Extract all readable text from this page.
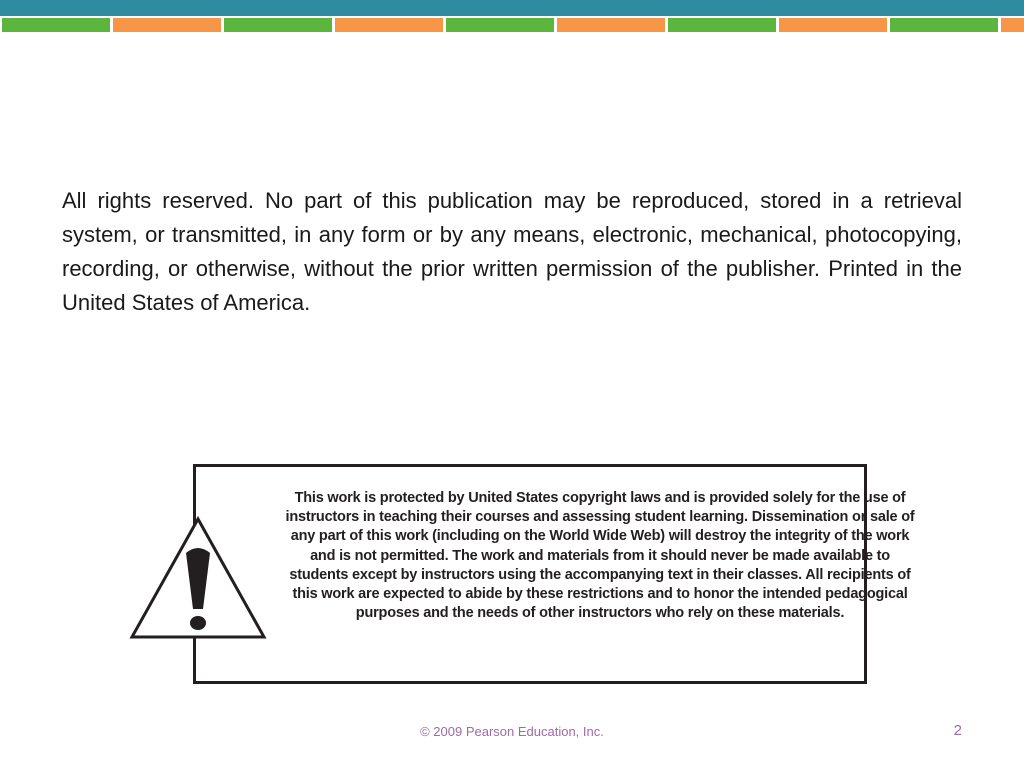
All rights reserved. No part of this publication may be reproduced, stored in a retrieval system, or transmitted, in any form or by any means, electronic, mechanical, photocopying, recording, or otherwise, without the prior written permission of the publisher. Printed in the United States of America.

This work is protected by United States copyright laws and is provided solely for the use of instructors in teaching their courses and assessing student learning. Dissemination or sale of any part of this work (including on the World Wide Web) will destroy the integrity of the work and is not permitted. The work and materials from it should never be made available to students except by instructors using the accompanying text in their classes. All recipients of this work are expected to abide by these restrictions and to honor the intended pedagogical purposes and the needs of other instructors who rely on these materials.

© 2009 Pearson Education, Inc.	2
